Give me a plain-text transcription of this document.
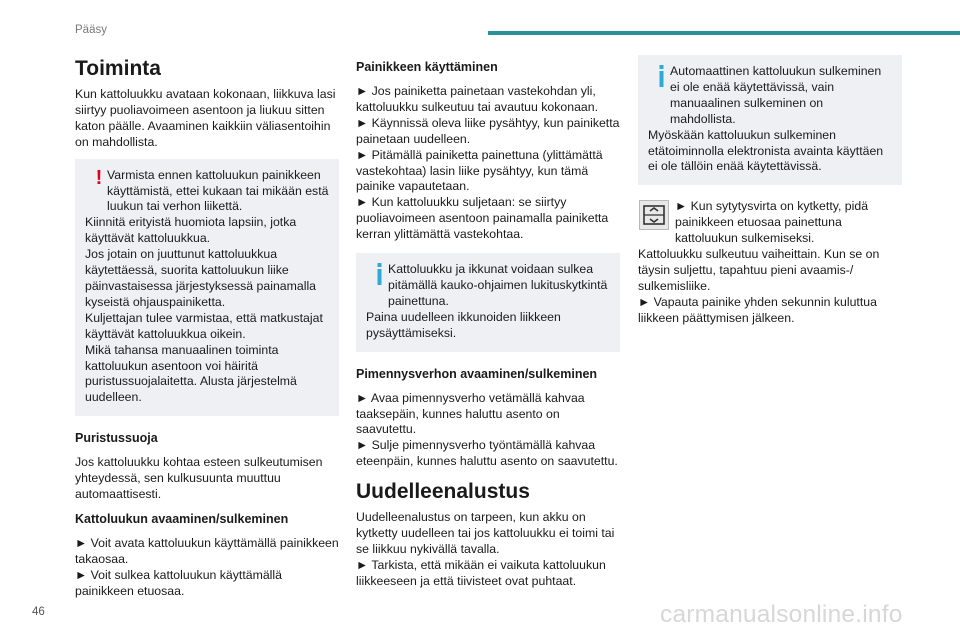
Pääsy
Toiminta
Kun kattoluukku avataan kokonaan, liikkuva lasi siirtyy puoliavoimeen asentoon ja liukuu sitten katon päälle. Avaaminen kaikkiin väliasentoihin on mahdollista.
! Varmista ennen kattoluukun painikkeen käyttämistä, ettei kukaan tai mikään estä luukun tai verhon liikettä.
Kiinnitä erityistä huomiota lapsiin, jotka käyttävät kattoluukkua.
Jos jotain on juuttunut kattoluukkua käytettäessä, suorita kattoluukun liike päinvastaisessa järjestyksessä painamalla kyseistä ohjauspainiketta.
Kuljettajan tulee varmistaa, että matkustajat käyttävät kattoluukkua oikein.
Mikä tahansa manuaalinen toiminta kattoluukun asentoon voi häiritä puristussuojalaitetta. Alusta järjestelmä uudelleen.
Puristussuoja
Jos kattoluukku kohtaa esteen sulkeutumisen yhteydessä, sen kulkusuunta muuttuu automaattisesti.
Kattoluukun avaaminen/sulkeminen
► Voit avata kattoluukun käyttämällä painikkeen takaosaa.
► Voit sulkea kattoluukun käyttämällä painikkeen etuosaa.
Painikkeen käyttäminen
► Jos painiketta painetaan vastekohdan yli, kattoluukku sulkeutuu tai avautuu kokonaan.
► Käynnissä oleva liike pysähtyy, kun painiketta painetaan uudelleen.
► Pitämällä painiketta painettuna (ylittämättä vastekohtaa) lasin liike pysähtyy, kun tämä painike vapautetaan.
► Kun kattoluukku suljetaan: se siirtyy puoliavoimeen asentoon painamalla painiketta kerran ylittämättä vastekohtaa.
Kattoluukku ja ikkunat voidaan sulkea pitämällä kauko-ohjaimen lukituskytkintä painettuna.
Paina uudelleen ikkunoiden liikkeen pysäyttämiseksi.
Pimennysverhon avaaminen/sulkeminen
► Avaa pimennysverho vetämällä kahvaa taaksepäin, kunnes haluttu asento on saavutettu.
► Sulje pimennysverho työntämällä kahvaa eteenpäin, kunnes haluttu asento on saavutettu.
Uudelleenalustus
Uudelleenalustus on tarpeen, kun akku on kytketty uudelleen tai jos kattoluukku ei toimi tai se liikkuu nykivällä tavalla.
► Tarkista, että mikään ei vaikuta kattoluukun liikkeeseen ja että tiivisteet ovat puhtaat.
Automaattinen kattoluukun sulkeminen ei ole enää käytettävissä, vain manuaalinen sulkeminen on mahdollista.
Myöskään kattoluukun sulkeminen etätoiminnolla elektronista avainta käyttäen ei ole tällöin enää käytettävissä.
► Kun sytytysvirta on kytketty, pidä painikkeen etuosaa painettuna kattoluukun sulkemiseksi.
Kattoluukku sulkeutuu vaiheittain. Kun se on täysin suljettu, tapahtuu pieni avaamis-/ sulkemisliike.
► Vapauta painike yhden sekunnin kuluttua liikkeen päättymisen jälkeen.
46	carmanualsonline.info
